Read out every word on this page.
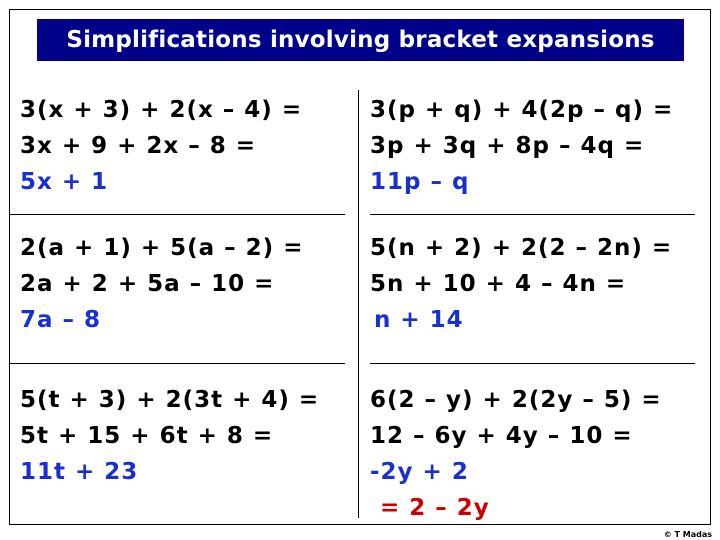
Simplifications involving bracket expansions
3(x + 3) + 2(x – 4) =
3x + 9 + 2x – 8 =
5x + 1
3(p + q) + 4(2p – q) =
3p + 3q + 8p – 4q =
11p – q
2(a + 1) + 5(a – 2) =
2a + 2 + 5a – 10 =
7a – 8
5(n + 2) + 2(2 – 2n) =
5n + 10 + 4 – 4n =
n + 14
5(t + 3) + 2(3t + 4) =
5t + 15 + 6t + 8 =
11t + 23
6(2 – y) + 2(2y – 5) =
12 – 6y + 4y – 10 =
-2y + 2
= 2 – 2y
© T Madas
